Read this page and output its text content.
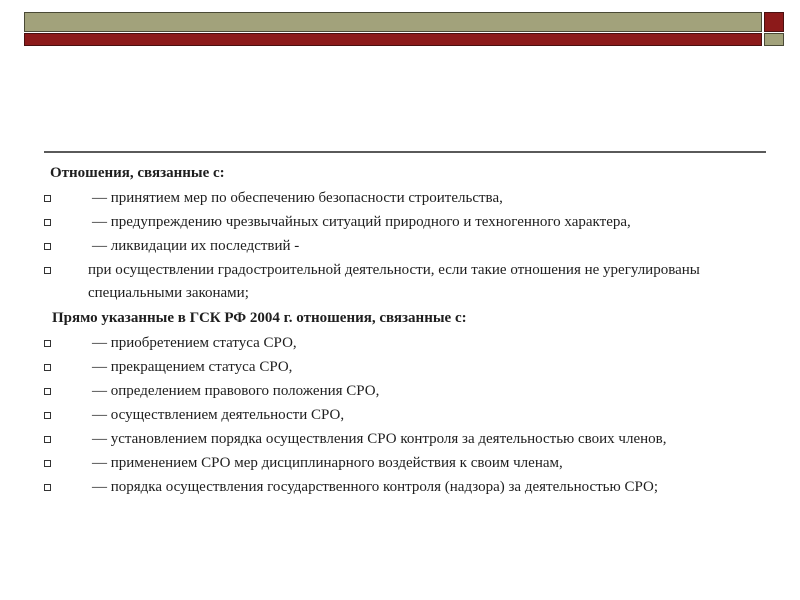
Отношения, связанные с:
— принятием мер по обеспечению безопасности строительства,
— предупреждению чрезвычайных ситуаций природного и техногенного характера,
— ликвидации их последствий -
при осуществлении градостроительной деятельности, если такие отношения не урегулированы специальными законами;
Прямо указанные в ГСК РФ 2004 г. отношения, связанные с:
— приобретением статуса СРО,
— прекращением статуса СРО,
— определением правового положения СРО,
— осуществлением деятельности СРО,
— установлением порядка осуществления СРО контроля за деятельностью своих членов,
— применением СРО мер дисциплинарного воздействия к своим членам,
— порядка осуществления государственного контроля (надзора) за деятельностью СРО;
